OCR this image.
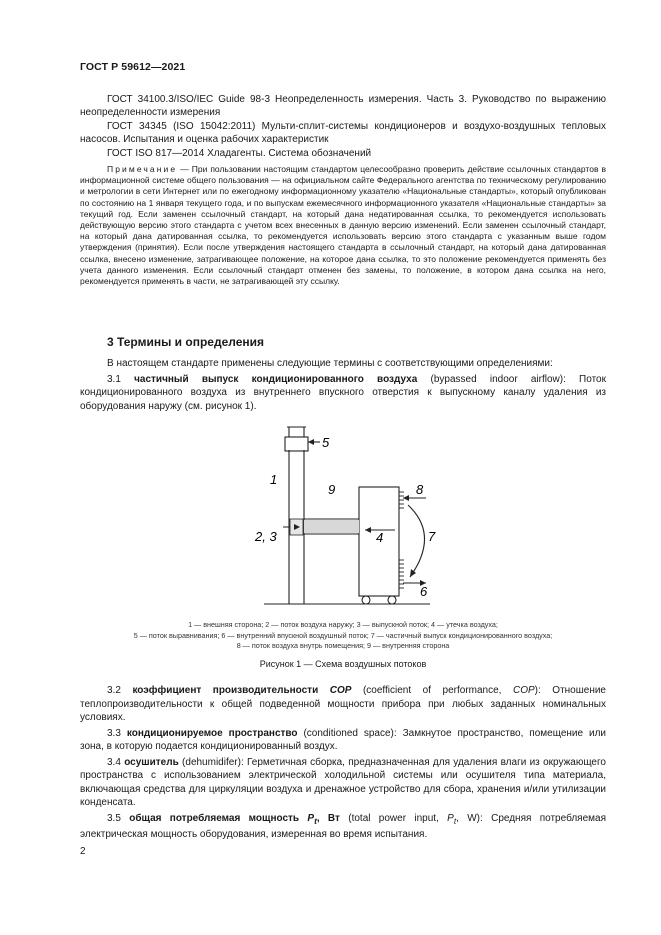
ГОСТ Р 59612—2021

ГОСТ 34100.3/ISO/IEC Guide 98-3 Неопределенность измерения. Часть 3. Руководство по выражению неопределенности измерения

ГОСТ 34345 (ISO 15042:2011) Мульти-сплит-системы кондиционеров и воздухо-воздушных тепловых насосов. Испытания и оценка рабочих характеристик

ГОСТ ISO 817—2014 Хладагенты. Система обозначений

Примечание — При пользовании настоящим стандартом целесообразно проверить действие ссылочных стандартов в информационной системе общего пользования — на официальном сайте Федерального агентства по техническому регулированию и метрологии в сети Интернет или по ежегодному информационному указателю «Национальные стандарты», который опубликован по состоянию на 1 января текущего года, и по выпускам ежемесячного информационного указателя «Национальные стандарты» за текущий год. Если заменен ссылочный стандарт, на который дана недатированная ссылка, то рекомендуется использовать действующую версию этого стандарта с учетом всех внесенных в данную версию изменений. Если заменен ссылочный стандарт, на который дана датированная ссылка, то рекомендуется использовать версию этого стандарта с указанным выше годом утверждения (принятия). Если после утверждения настоящего стандарта в ссылочный стандарт, на который дана датированная ссылка, внесено изменение, затрагивающее положение, на которое дана ссылка, то это положение рекомендуется применять без учета данного изменения. Если ссылочный стандарт отменен без замены, то положение, в котором дана ссылка на него, рекомендуется применять в части, не затрагивающей эту ссылку.

3 Термины и определения

В настоящем стандарте применены следующие термины с соответствующими определениями:

3.1 частичный выпуск кондиционированного воздуха (bypassed indoor airflow): Поток кондиционированного воздуха из внутреннего впускного отверстия к выпускному каналу удаления из оборудования наружу (см. рисунок 1).

1
2, 3	4
5
6
7
8
9
1 — внешняя сторона; 2 — поток воздуха наружу; 3 — выпускной поток; 4 — утечка воздуха;
5 — поток выравнивания; 6 — внутренний впускной воздушный поток; 7 — частичный выпуск кондиционированного воздуха;
8 — поток воздуха внутрь помещения; 9 — внутренняя сторона
Рисунок 1 — Схема воздушных потоков

3.2 коэффициент производительности COP (coefficient of performance, COP): Отношение теплопроизводительности к общей подведенной мощности прибора при любых заданных номинальных условиях.

3.3 кондиционируемое пространство (conditioned space): Замкнутое пространство, помещение или зона, в которую подается кондиционированный воздух.

3.4 осушитель (dehumidifer): Герметичная сборка, предназначенная для удаления влаги из окружающего пространства с использованием электрической холодильной системы или осушителя типа материала, включающая средства для циркуляции воздуха и дренажное устройство для сбора, хранения и/или утилизации конденсата.

3.5 общая потребляемая мощность $P_t$, Вт (total power input, $P_t$, W): Средняя потребляемая электрическая мощность оборудования, измеренная во время испытания.

2
